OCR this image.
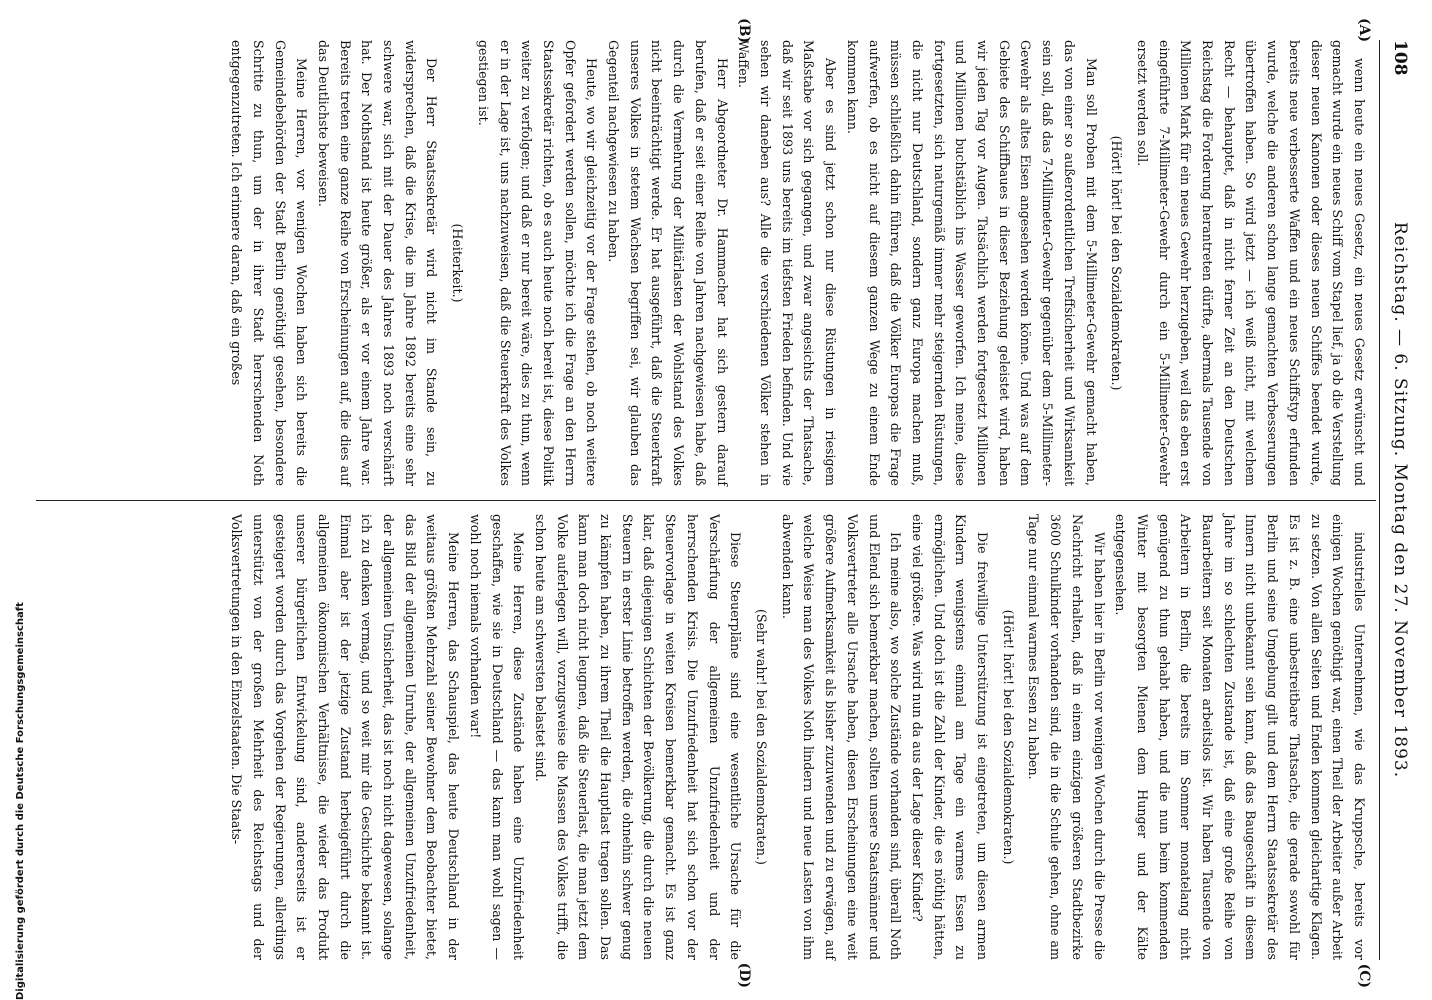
108
Reichstag. — 6. Sitzung. Montag den 27. November 1893.
(A)
(B)
(C)
(D)

wenn heute ein neues Gesetz, ein neues Gesetz erwünscht und gemacht wurde ein neues Schiff vom Stapel lief, ja ob die Verstellung dieser neuen Kanonen oder dieses neuen Schiffes beendet wurde, bereits neue verbesserte Waffen und ein neues Schiffstyp erfunden wurde, welche die anderen schon lange gemachten Verbesserungen übertroffen haben. So wird jetzt — ich weiß nicht, mit welchem Recht — behauptet, daß in nicht ferner Zeit an den Deutschen Reichstag die Forderung herantreten dürfte, abermals Tausende von Millionen Mark für ein neues Gewehr herzugeben, weil das eben erst eingeführte 7-Millimeter-Gewehr durch ein 5-Millimeter-Gewehr ersetzt werden soll.

(Hört! hört! bei den Sozialdemokraten.)

Man soll Proben mit dem 5-Millimeter-Gewehr gemacht haben, das von einer so außerordentlichen Treffsicherheit und Wirksamkeit sein soll, daß das 7-Millimeter-Gewehr gegenüber dem 5-Millimeter-Gewehr als altes Eisen angesehen werden könne. Und was auf dem Gebiete des Schiffbaues in dieser Beziehung geleistet wird, haben wir jeden Tag vor Augen. Tatsächlich werden fortgesetzt Millionen und Millionen buchstäblich ins Wasser geworfen. Ich meine, diese fortgesetzten, sich naturgemäß immer mehr steigernden Rüstungen, die nicht nur Deutschland, sondern ganz Europa machen muß, müssen schließlich dahin führen, daß die Völker Europas die Frage aufwerfen, ob es nicht auf diesem ganzen Wege zu einem Ende kommen kann.

Aber es sind jetzt schon nur diese Rüstungen in riesigem Maßstabe vor sich gegangen, und zwar angesichts der Thatsache, daß wir seit 1893 uns bereits im tiefsten Frieden befinden. Und wie sehen wir daneben aus? Alle die verschiedenen Völker stehen in Waffen.

Herr Abgeordneter Dr. Hammacher hat sich gestern darauf berufen, daß er seit einer Reihe von Jahren nachgewiesen habe, daß durch die Vermehrung der Militärlasten der Wohlstand des Volkes nicht beeinträchtigt werde. Er hat ausgeführt, daß die Steuerkraft unseres Volkes in stetem Wachsen begriffen sei, wir glauben das Gegenteil nachgewiesen zu haben.

Heute, wo wir gleichzeitig vor der Frage stehen, ob noch weitere Opfer gefordert werden sollen, möchte ich die Frage an den Herrn Staatssekretär richten, ob es auch heute noch bereit ist, diese Politik weiter zu verfolgen; und daß er nur bereit wäre, dies zu thun, wenn er in der Lage ist, uns nachzuweisen, daß die Steuerkraft des Volkes gestiegen ist.

(Heiterkeit.)

Der Herr Staatssekretär wird nicht im Stande sein, zu widersprechen, daß die Krise, die im Jahre 1892 bereits eine sehr schwere war, sich mit der Dauer des Jahres 1893 noch verschärft hat. Der Nothstand ist heute größer, als er vor einem Jahre war. Bereits treten eine ganze Reihe von Erscheinungen auf, die dies auf das Deutlichste beweisen.

Meine Herren, vor wenigen Wochen haben sich bereits die Gemeindebehörden der Stadt Berlin genöthigt gesehen, besondere Schritte zu thun, um der in ihrer Stadt herrschenden Noth entgegenzutreten. Ich erinnere daran, daß ein großes

industrielles Unternehmen, wie das Kruppsche, bereits vor einigen Wochen genöthigt war, einen Theil der Arbeiter außer Arbeit zu setzen. Von allen Seiten und Enden kommen gleichartige Klagen. Es ist z. B. eine unbestreitbare Thatsache, die gerade sowohl für Berlin und seine Umgebung gilt und dem Herrn Staatssekretär des Innern nicht unbekannt sein kann, daß das Baugeschäft in diesem Jahre im so schlechten Zustande ist, daß eine große Reihe von Bauarbeitern seit Monaten arbeitslos ist. Wir haben Tausende von Arbeitern in Berlin, die bereits im Sommer monatelang nicht genügend zu thun gehabt haben, und die nun beim kommenden Winter mit besorgten Mienen dem Hunger und der Kälte entgegensehen.

Wir haben hier in Berlin vor wenigen Wochen durch die Presse die Nachricht erhalten, daß in einem einzigen größeren Stadtbezirke 3600 Schulkinder vorhanden sind, die in die Schule gehen, ohne am Tage nur einmal warmes Essen zu haben.

(Hört! hört! bei den Sozialdemokraten.)

Die freiwillige Unterstützung ist eingetreten, um diesen armen Kindern wenigstens einmal am Tage ein warmes Essen zu ermöglichen. Und doch ist die Zahl der Kinder, die es nöthig hätten, eine viel größere. Was wird nun da aus der Lage dieser Kinder?

Ich meine also, wo solche Zustände vorhanden sind, überall Noth und Elend sich bemerkbar machen, sollten unsere Staatsmänner und Volksvertreter alle Ursache haben, diesen Erscheinungen eine weit größere Aufmerksamkeit als bisher zuzuwenden und zu erwägen, auf welche Weise man des Volkes Noth lindern und neue Lasten von ihm abwenden kann.

(Sehr wahr! bei den Sozialdemokraten.)

Diese Steuerpläne sind eine wesentliche Ursache für die Verschärfung der allgemeinen Unzufriedenheit und der herrschenden Krisis. Die Unzufriedenheit hat sich schon vor der Steuervorlage in weiten Kreisen bemerkbar gemacht. Es ist ganz klar, daß diejenigen Schichten der Bevölkerung, die durch die neuen Steuern in erster Linie betroffen werden, die ohnehin schwer genug zu kämpfen haben, zu ihrem Theil die Hauptlast tragen sollen. Das kann man doch nicht leugnen, daß die Steuerlast, die man jetzt dem Volke auferlegen will, vorzugsweise die Massen des Volkes trifft, die schon heute am schwersten belastet sind.

Meine Herren, diese Zustände haben eine Unzufriedenheit geschaffen, wie sie in Deutschland — das kann man wohl sagen — wohl noch niemals vorhanden war!

Meine Herren, das Schauspiel, das heute Deutschland in der weitaus größten Mehrzahl seiner Bewohner dem Beobachter bietet, das Bild der allgemeinen Unruhe, der allgemeinen Unzufriedenheit, der allgemeinen Unsicherheit, das ist noch nicht dagewesen, solange ich zu denken vermag, und so weit mir die Geschichte bekannt ist. Einmal aber ist der jetzige Zustand herbeigeführt durch die allgemeinen ökonomischen Verhältnisse, die wieder das Produkt unserer bürgerlichen Entwickelung sind, andererseits ist er gesteigert worden durch das Vorgehen der Regierungen, allerdings unterstützt von der großen Mehrheit des Reichstags und der Volksvertretungen in den Einzelstaaten. Die Staats-

Digitalisierung gefördert durch die Deutsche Forschungsgemeinschaft
